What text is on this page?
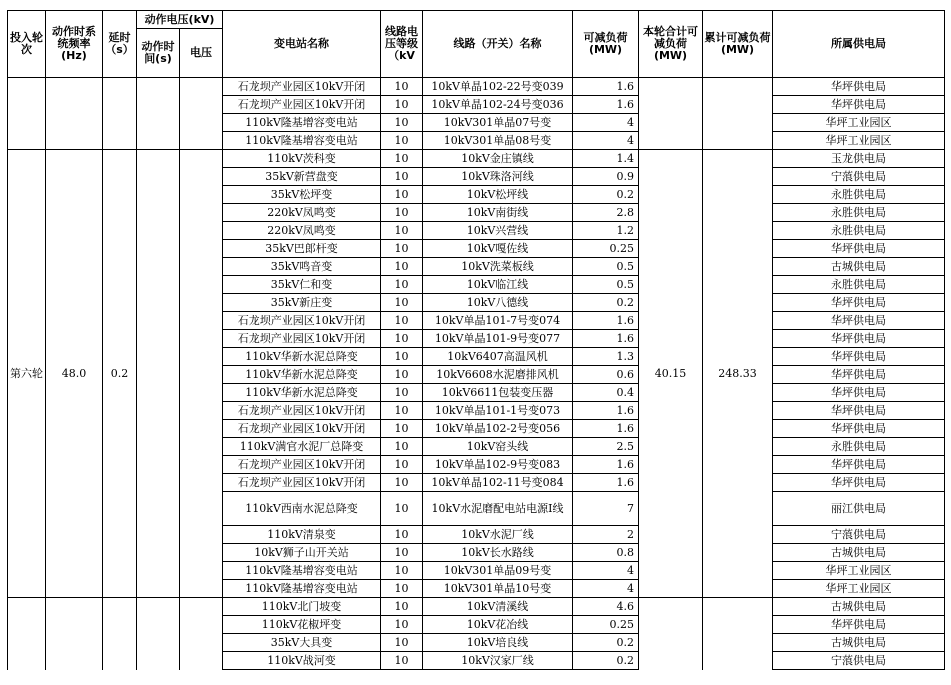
投入轮次	动作时系统频率(Hz)	延时（s）	动作电压(kV)		变电站名称	线路电压等级（kV	线路（开关）名称	可减负荷(MW)	本轮合计可减负荷(MW)	累计可减负荷(MW)	所属供电局
			动作时间(s)	电压							
					石龙坝产业园区10kV开闭	10	10kV单晶102-22号变039	1.6			华坪供电局
					石龙坝产业园区10kV开闭	10	10kV单晶102-24号变036	1.6			华坪供电局
					110kV隆基增容变电站	10	10kV301单晶07号变	4			华坪工业园区
					110kV隆基增容变电站	10	10kV301单晶08号变	4			华坪工业园区
第六轮	48.0	0.2			110kV茨科变	10	10kV金庄镇线	1.4	40.15	248.33	玉龙供电局
					35kV新营盘变	10	10kV珠洛河线	0.9			宁蒗供电局
					35kV松坪变	10	10kV松坪线	0.2			永胜供电局
					220kV凤鸣变	10	10kV南街线	2.8			永胜供电局
					220kV凤鸣变	10	10kV兴营线	1.2			永胜供电局
					35kV巴郎杆变	10	10kV嘎佐线	0.25			华坪供电局
					35kV鸣音变	10	10kV洗菜板线	0.5			古城供电局
					35kV仁和变	10	10kV临江线	0.5			永胜供电局
					35kV新庄变	10	10kV八德线	0.2			华坪供电局
					石龙坝产业园区10kV开闭	10	10kV单晶101-7号变074	1.6			华坪供电局
					石龙坝产业园区10kV开闭	10	10kV单晶101-9号变077	1.6			华坪供电局
					110kV华新水泥总降变	10	10kV6407高温风机	1.3			华坪供电局
					110kV华新水泥总降变	10	10kV6608水泥磨排风机	0.6			华坪供电局
					110kV华新水泥总降变	10	10kV6611包装变压器	0.4			华坪供电局
					石龙坝产业园区10kV开闭	10	10kV单晶101-1号变073	1.6			华坪供电局
					石龙坝产业园区10kV开闭	10	10kV单晶102-2号变056	1.6			华坪供电局
					110kV满官水泥厂总降变	10	10kV窑头线	2.5			永胜供电局
					石龙坝产业园区10kV开闭	10	10kV单晶102-9号变083	1.6			华坪供电局
					石龙坝产业园区10kV开闭	10	10kV单晶102-11号变084	1.6			华坪供电局
					110kV西南水泥总降变	10	10kV水泥磨配电站电源Ⅰ线	7			丽江供电局
					110kV清泉变	10	10kV水泥厂线	2			宁蒗供电局
					10kV狮子山开关站	10	10kV长水路线	0.8			古城供电局
					110kV隆基增容变电站	10	10kV301单晶09号变	4			华坪工业园区
					110kV隆基增容变电站	10	10kV301单晶10号变	4			华坪工业园区
					110kV北门坡变	10	10kV清溪线	4.6			古城供电局
					110kV花椒坪变	10	10kV花冶线	0.25			华坪供电局
					35kV大具变	10	10kV培良线	0.2			古城供电局
					110kV战河变	10	10kV汉家厂线	0.2			宁蒗供电局
